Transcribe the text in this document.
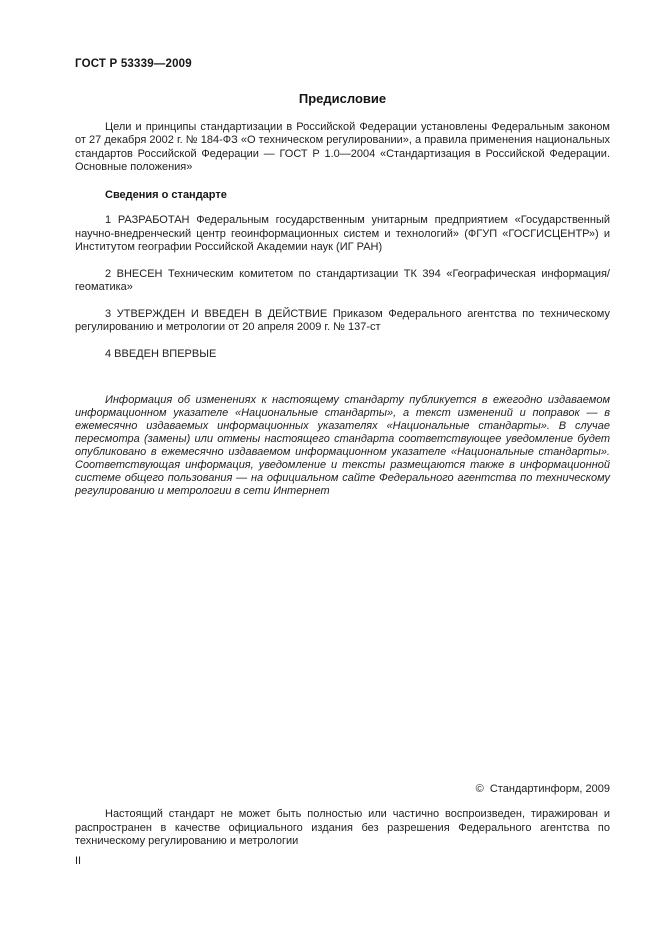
ГОСТ Р 53339—2009
Предисловие

Цели и принципы стандартизации в Российской Федерации установлены Федеральным законом от 27 декабря 2002 г. № 184-ФЗ «О техническом регулировании», а правила применения национальных стандартов Российской Федерации — ГОСТ Р 1.0—2004 «Стандартизация в Российской Федерации. Основные положения»

Сведения о стандарте

1 РАЗРАБОТАН Федеральным государственным унитарным предприятием «Государственный научно-внедренческий центр геоинформационных систем и технологий» (ФГУП «ГОСГИСЦЕНТР») и Институтом географии Российской Академии наук (ИГ РАН)

2 ВНЕСЕН Техническим комитетом по стандартизации ТК 394 «Географическая информация/геоматика»

3 УТВЕРЖДЕН И ВВЕДЕН В ДЕЙСТВИЕ Приказом Федерального агентства по техническому регулированию и метрологии от 20 апреля 2009 г. № 137-ст

4 ВВЕДЕН ВПЕРВЫЕ

Информация об изменениях к настоящему стандарту публикуется в ежегодно издаваемом информационном указателе «Национальные стандарты», а текст изменений и поправок — в ежемесячно издаваемых информационных указателях «Национальные стандарты». В случае пересмотра (замены) или отмены настоящего стандарта соответствующее уведомление будет опубликовано в ежемесячно издаваемом информационном указателе «Национальные стандарты». Соответствующая информация, уведомление и тексты размещаются также в информационной системе общего пользования — на официальном сайте Федерального агентства по техническому регулированию и метрологии в сети Интернет

©  Стандартинформ, 2009

Настоящий стандарт не может быть полностью или частично воспроизведен, тиражирован и распространен в качестве официального издания без разрешения Федерального агентства по техническому регулированию и метрологии

II
